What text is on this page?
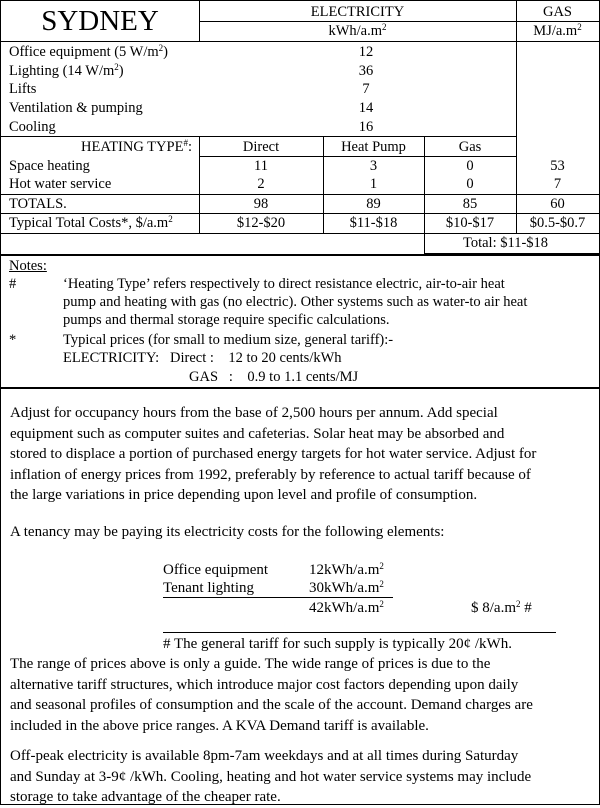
SYDNEY	ELECTRICITY	GAS
kWh/$a.m^2$	$MJ/a.m^2$
Office equipment (5 $W/m^2$)	12
Lighting (14 $W/m^2$)	36
Lifts	7
Ventilation & pumping	14
Cooling	16
HEATING TYPE#:	Direct	Heat Pump	Gas
Space heating	11	3	0	53
Hot water service	2	1	0	7
TOTALS.	98	89	85	60
Typical Total Costs*, $\$/a.m^2$	$12-$20	$11-$18	$10-$17	$0.5-$0.7
Total: $11-$18
Notes:
#	‘Heating Type’ refers respectively to direct resistance electric, air-to-air heat
pump and heating with gas (no electric). Other systems such as water-to air heat
pumps and thermal storage require specific calculations.
*	Typical prices (for small to medium size, general tariff):-
ELECTRICITY:   Direct :    12 to 20 cents/kWh
GAS   :    0.9 to 1.1 cents/MJ
Adjust for occupancy hours from the base of 2,500 hours per annum. Add special
equipment such as computer suites and cafeterias. Solar heat may be absorbed and
stored to displace a portion of purchased energy targets for hot water service. Adjust for
inflation of energy prices from 1992, preferably by reference to actual tariff because of
the large variations in price depending upon level and profile of consumption.
A tenancy may be paying its electricity costs for the following elements:
Office equipment	$12kWh/a.m^2$
Tenant lighting	$30kWh/a.m^2$
$42kWh/a.m^2$	$ $8/a.m^2$ #
# The general tariff for such supply is typically 20¢ /kWh.
The range of prices above is only a guide. The wide range of prices is due to the
alternative tariff structures, which introduce major cost factors depending upon daily
and seasonal profiles of consumption and the scale of the account. Demand charges are
included in the above price ranges. A KVA Demand tariff is available.
Off-peak electricity is available 8pm-7am weekdays and at all times during Saturday
and Sunday at 3-9¢ /kWh. Cooling, heating and hot water service systems may include
storage to take advantage of the cheaper rate.
